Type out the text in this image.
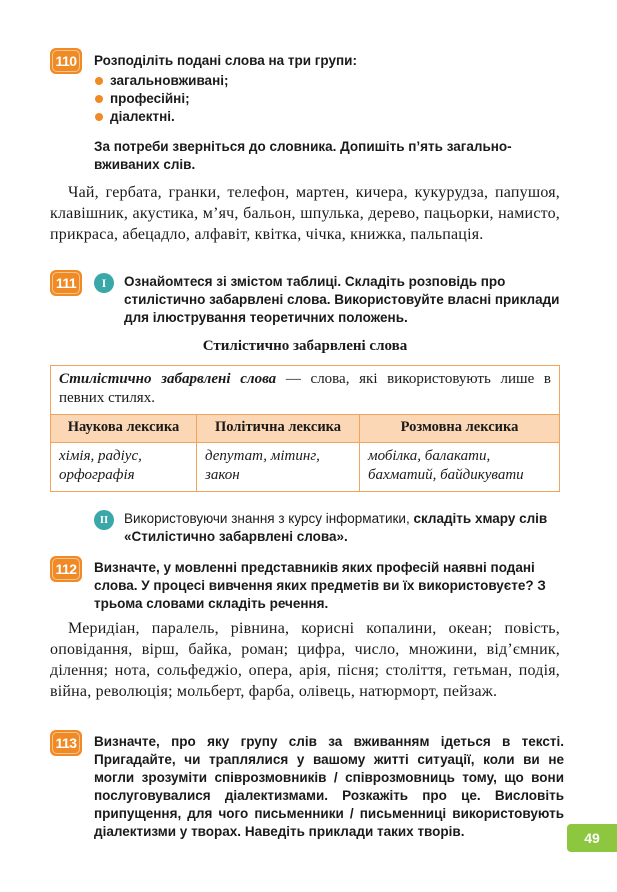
110	Розподіліть подані слова на три групи:
загальновживані;
професійні;
діалектні.
За потреби зверніться до словника. Допишіть п’ять загальновживаних слів.

Чай, гербата, гранки, телефон, мартен, кичера, кукурудза, папушоя, клавішник, акустика, м’яч, бальон, шпулька, дерево, пацьорки, намисто, прикраса, абецадло, алфавіт, квітка, чічка, книжка, пальпація.

111	I	Ознайомтеся зі змістом таблиці. Складіть розповідь про стилістично забарвлені слова. Використовуйте власні приклади для ілюстрування теоретичних положень.
Стилістично забарвлені слова
Стилістично забарвлені слова — слова, які використовують лише в певних стилях.		
Наукова лексика	Політична лексика	Розмовна лексика
хімія, радіус, орфографія	депутат, мітинг, закон	мобілка, балакати, бахматий, байдикувати
II	Використовуючи знання з курсу інформатики, складіть хмару слів «Стилістично забарвлені слова».
112	Визначте, у мовленні представників яких професій наявні подані слова. У процесі вивчення яких предметів ви їх використовуєте? З трьома словами складіть речення.

Меридіан, паралель, рівнина, корисні копалини, океан; повість, оповідання, вірш, байка, роман; цифра, число, множини, від’ємник, ділення; нота, сольфеджіо, опера, арія, пісня; століття, гетьман, подія, війна, революція; мольберт, фарба, олівець, натюрморт, пейзаж.

113	Визначте, про яку групу слів за вживанням ідеться в тексті. Пригадайте, чи траплялися у вашому житті ситуації, коли ви не могли зрозуміти співрозмовників / співрозмовниць тому, що вони послуговувалися діалектизмами. Розкажіть про це. Висловіть припущення, для чого письменники / письменниці використовують діалектизми у творах. Наведіть приклади таких творів.	49
